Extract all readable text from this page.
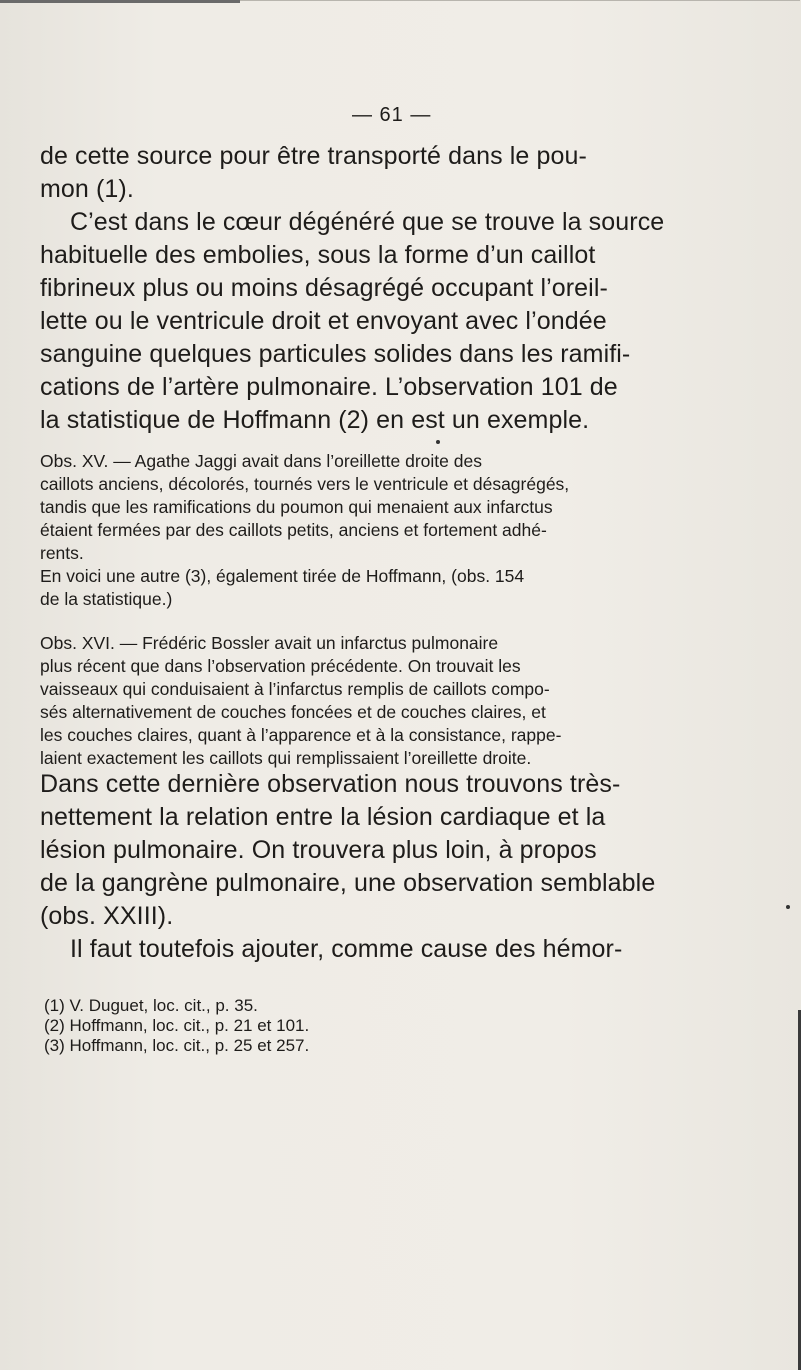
— 61 —
de cette source pour être transporté dans le pou-
mon (1).
C’est dans le cœur dégénéré que se trouve la source
habituelle des embolies, sous la forme d’un caillot
fibrineux plus ou moins désagrégé occupant l’oreil-
lette ou le ventricule droit et envoyant avec l’ondée
sanguine quelques particules solides dans les ramifi-
cations de l’artère pulmonaire. L’observation 101 de
la statistique de Hoffmann (2) en est un exemple.
Obs. XV. — Agathe Jaggi avait dans l’oreillette droite des
caillots anciens, décolorés, tournés vers le ventricule et désagrégés,
tandis que les ramifications du poumon qui menaient aux infarctus
étaient fermées par des caillots petits, anciens et fortement adhé-
rents.
En voici une autre (3), également tirée de Hoffmann, (obs. 154
de la statistique.)
Obs. XVI. — Frédéric Bossler avait un infarctus pulmonaire
plus récent que dans l’observation précédente. On trouvait les
vaisseaux qui conduisaient à l’infarctus remplis de caillots compo-
sés alternativement de couches foncées et de couches claires, et
les couches claires, quant à l’apparence et à la consistance, rappe-
laient exactement les caillots qui remplissaient l’oreillette droite.
Dans cette dernière observation nous trouvons très-
nettement la relation entre la lésion cardiaque et la
lésion pulmonaire. On trouvera plus loin, à propos
de la gangrène pulmonaire, une observation semblable
(obs. XXIII).
Il faut toutefois ajouter, comme cause des hémor-
(1) V. Duguet, loc. cit., p. 35.
(2) Hoffmann, loc. cit., p. 21 et 101.
(3) Hoffmann, loc. cit., p. 25 et 257.
